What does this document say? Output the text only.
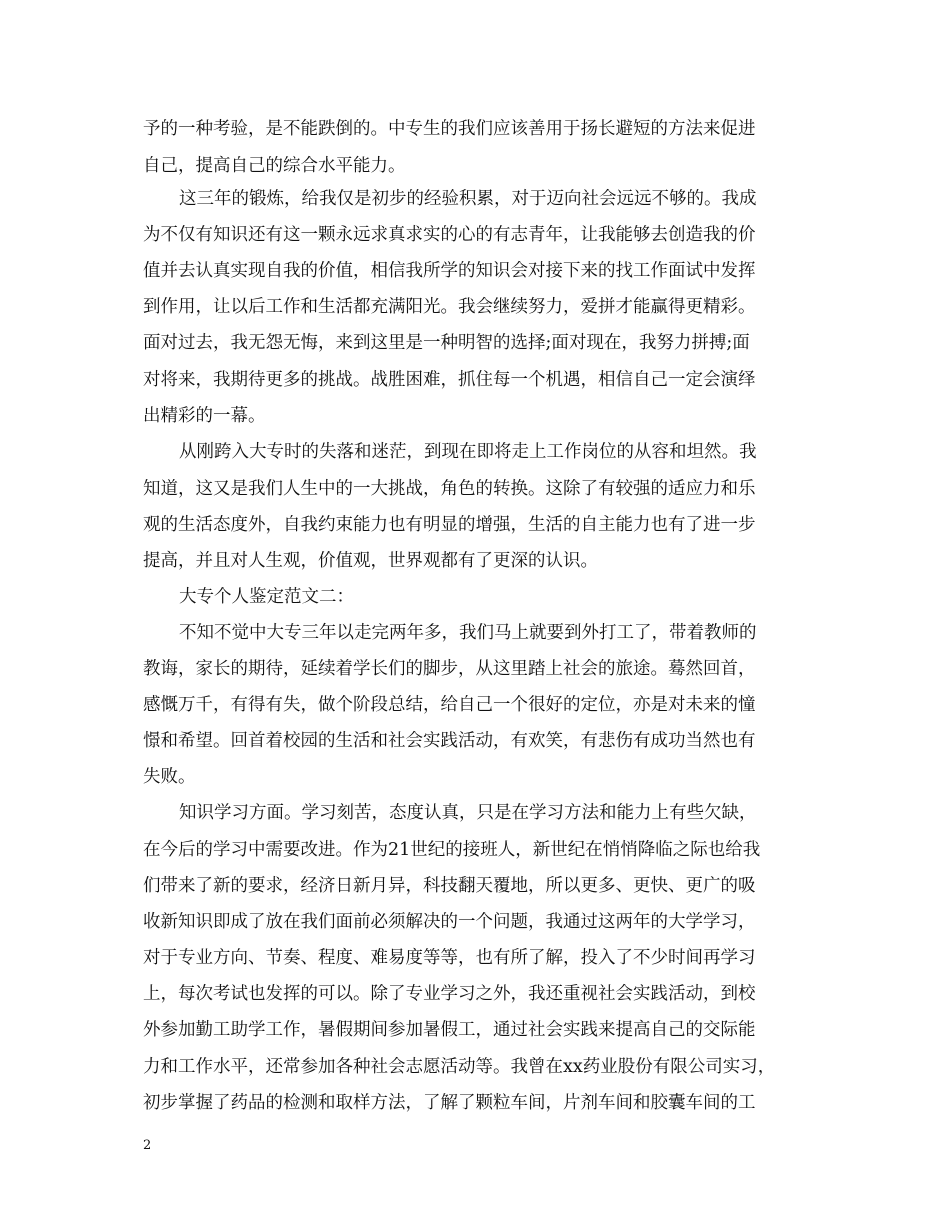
予的一种考验，是不能跌倒的。中专生的我们应该善用于扬长避短的方法来促进
自己，提高自己的综合水平能力。
这三年的锻炼，给我仅是初步的经验积累，对于迈向社会远远不够的。我成
为不仅有知识还有这一颗永远求真求实的心的有志青年，让我能够去创造我的价
值并去认真实现自我的价值，相信我所学的知识会对接下来的找工作面试中发挥
到作用，让以后工作和生活都充满阳光。我会继续努力，爱拼才能赢得更精彩。
面对过去，我无怨无悔，来到这里是一种明智的选择;面对现在，我努力拼搏;面
对将来，我期待更多的挑战。战胜困难，抓住每一个机遇，相信自己一定会演绎
出精彩的一幕。
从刚跨入大专时的失落和迷茫，到现在即将走上工作岗位的从容和坦然。我
知道，这又是我们人生中的一大挑战，角色的转换。这除了有较强的适应力和乐
观的生活态度外，自我约束能力也有明显的增强，生活的自主能力也有了进一步
提高，并且对人生观，价值观，世界观都有了更深的认识。
大专个人鉴定范文二：
不知不觉中大专三年以走完两年多，我们马上就要到外打工了，带着教师的
教诲，家长的期待，延续着学长们的脚步，从这里踏上社会的旅途。蓦然回首，
感慨万千，有得有失，做个阶段总结，给自己一个很好的定位，亦是对未来的憧
憬和希望。回首着校园的生活和社会实践活动，有欢笑，有悲伤有成功当然也有
失败。
知识学习方面。学习刻苦，态度认真，只是在学习方法和能力上有些欠缺，
在今后的学习中需要改进。作为21世纪的接班人，新世纪在悄悄降临之际也给我
们带来了新的要求，经济日新月异，科技翻天覆地，所以更多、更快、更广的吸
收新知识即成了放在我们面前必须解决的一个问题，我通过这两年的大学学习，
对于专业方向、节奏、程度、难易度等等，也有所了解，投入了不少时间再学习
上，每次考试也发挥的可以。除了专业学习之外，我还重视社会实践活动，到校
外参加勤工助学工作，暑假期间参加暑假工，通过社会实践来提高自己的交际能
力和工作水平，还常参加各种社会志愿活动等。我曾在xx药业股份有限公司实习，
初步掌握了药品的检测和取样方法，了解了颗粒车间，片剂车间和胶囊车间的工
2
